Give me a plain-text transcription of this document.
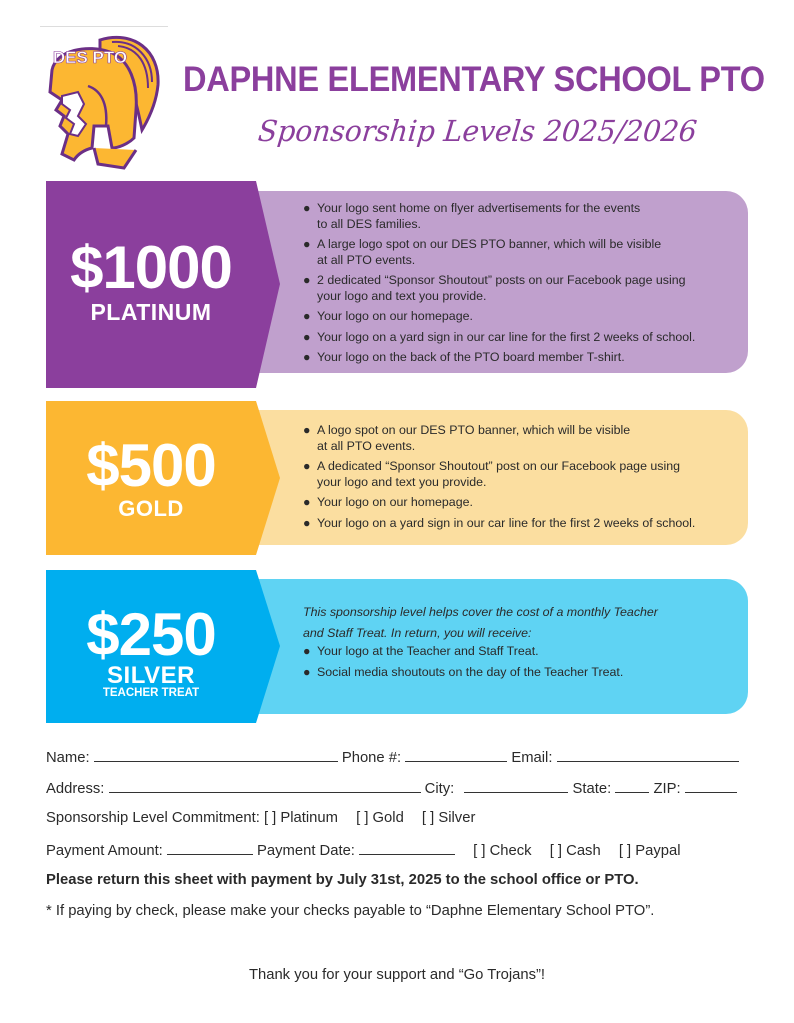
DES PTO
DAPHNE ELEMENTARY SCHOOL PTO
Sponsorship Levels 2025/2026
$1000
PLATINUM
● Your logo sent home on flyer advertisements for the events
to all DES families.
● A large logo spot on our DES PTO banner, which will be visible
at all PTO events.
● 2 dedicated “Sponsor Shoutout” posts on our Facebook page using
your logo and text you provide.
● Your logo on our homepage.
● Your logo on a yard sign in our car line for the first 2 weeks of school.
● Your logo on the back of the PTO board member T-shirt.
$500
GOLD
● A logo spot on our DES PTO banner, which will be visible
at all PTO events.
● A dedicated “Sponsor Shoutout” post on our Facebook page using
your logo and text you provide.
● Your logo on our homepage.
● Your logo on a yard sign in our car line for the first 2 weeks of school.
$250
SILVER
TEACHER TREAT
This sponsorship level helps cover the cost of a monthly Teacher
and Staff Treat. In return, you will receive:
● Your logo at the Teacher and Staff Treat.
● Social media shoutouts on the day of the Teacher Treat.
Name:	Phone #:	Email:
Address:	City:	State:	ZIP:
Sponsorship Level Commitment: [ ] Platinum [ ] Gold [ ] Silver
Payment Amount:	Payment Date:	[ ] Check [ ] Cash [ ] Paypal
Please return this sheet with payment by July 31st, 2025 to the school office or PTO.
* If paying by check, please make your checks payable to “Daphne Elementary School PTO”.
Thank you for your support and “Go Trojans”!
